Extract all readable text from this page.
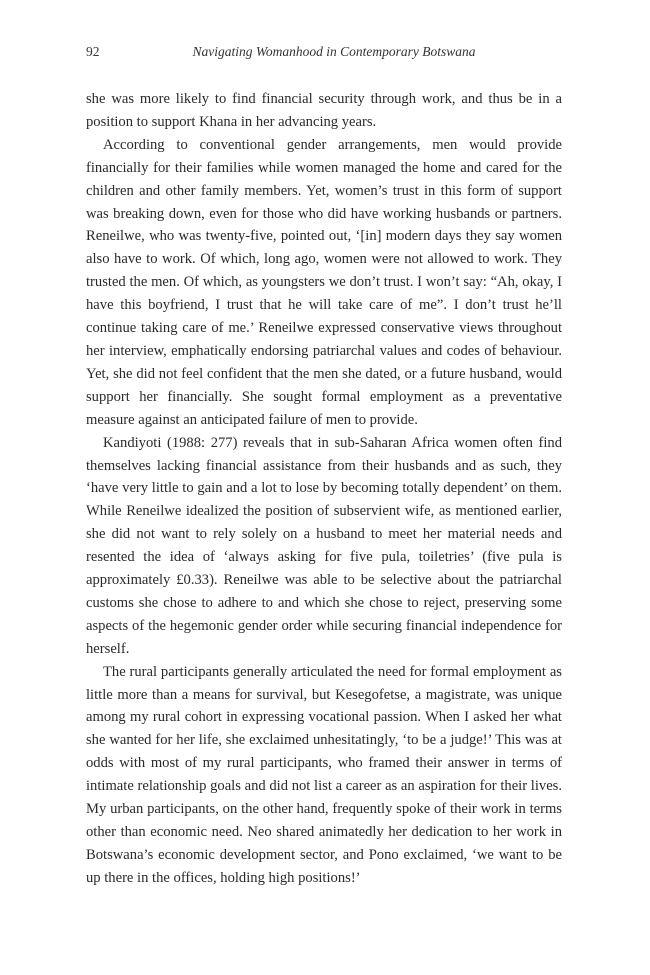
92	Navigating Womanhood in Contemporary Botswana

she was more likely to find financial security through work, and thus be in a position to support Khana in her advancing years.

According to conventional gender arrangements, men would provide financially for their families while women managed the home and cared for the children and other family members. Yet, women’s trust in this form of support was breaking down, even for those who did have working husbands or partners. Reneilwe, who was twenty-five, pointed out, ‘[in] modern days they say women also have to work. Of which, long ago, women were not allowed to work. They trusted the men. Of which, as youngsters we don’t trust. I won’t say: “Ah, okay, I have this boyfriend, I trust that he will take care of me”. I don’t trust he’ll continue taking care of me.’ Reneilwe expressed conservative views throughout her interview, emphatically endorsing patriarchal values and codes of behaviour. Yet, she did not feel confident that the men she dated, or a future husband, would support her financially. She sought formal employment as a preventative measure against an anticipated failure of men to provide.

Kandiyoti (1988: 277) reveals that in sub-Saharan Africa women often find themselves lacking financial assistance from their husbands and as such, they ‘have very little to gain and a lot to lose by becoming totally dependent’ on them. While Reneilwe idealized the position of subservient wife, as mentioned earlier, she did not want to rely solely on a husband to meet her material needs and resented the idea of ‘always asking for five pula, toiletries’ (five pula is approximately £0.33). Reneilwe was able to be selective about the patriarchal customs she chose to adhere to and which she chose to reject, preserving some aspects of the hegemonic gender order while securing financial independence for herself.

The rural participants generally articulated the need for formal employment as little more than a means for survival, but Kesegofetse, a magistrate, was unique among my rural cohort in expressing vocational passion. When I asked her what she wanted for her life, she exclaimed unhesitatingly, ‘to be a judge!’ This was at odds with most of my rural participants, who framed their answer in terms of intimate relationship goals and did not list a career as an aspiration for their lives. My urban participants, on the other hand, frequently spoke of their work in terms other than economic need. Neo shared animatedly her dedication to her work in Botswana’s economic development sector, and Pono exclaimed, ‘we want to be up there in the offices, holding high positions!’
